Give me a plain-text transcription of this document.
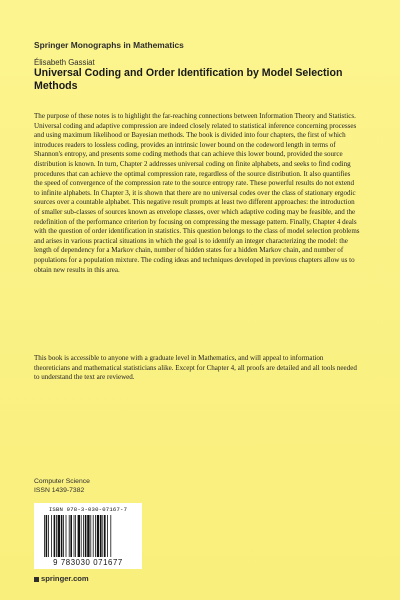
Springer Monographs in Mathematics
Élisabeth Gassiat
Universal Coding and Order Identification by Model Selection Methods

The purpose of these notes is to highlight the far-reaching connections between Information Theory and Statistics. Universal coding and adaptive compression are indeed closely related to statistical inference concerning processes and using maximum likelihood or Bayesian methods. The book is divided into four chapters, the first of which introduces readers to lossless coding, provides an intrinsic lower bound on the codeword length in terms of Shannon's entropy, and presents some coding methods that can achieve this lower bound, provided the source distribution is known. In turn, Chapter 2 addresses universal coding on finite alphabets, and seeks to find coding procedures that can achieve the optimal compression rate, regardless of the source distribution. It also quantifies the speed of convergence of the compression rate to the source entropy rate. These powerful results do not extend to infinite alphabets. In Chapter 3, it is shown that there are no universal codes over the class of stationary ergodic sources over a countable alphabet. This negative result prompts at least two different approaches: the introduction of smaller sub-classes of sources known as envelope classes, over which adaptive coding may be feasible, and the redefinition of the performance criterion by focusing on compressing the message pattern. Finally, Chapter 4 deals with the question of order identification in statistics. This question belongs to the class of model selection problems and arises in various practical situations in which the goal is to identify an integer characterizing the model: the length of dependency for a Markov chain, number of hidden states for a hidden Markov chain, and number of populations for a population mixture. The coding ideas and techniques developed in previous chapters allow us to obtain new results in this area.

This book is accessible to anyone with a graduate level in Mathematics, and will appeal to information theoreticians and mathematical statisticians alike. Except for Chapter 4, all proofs are detailed and all tools needed to understand the text are reviewed.

Computer Science
ISSN 1439-7382
ISBN 978-3-030-07167-7
9 783030 071677
springer.com
